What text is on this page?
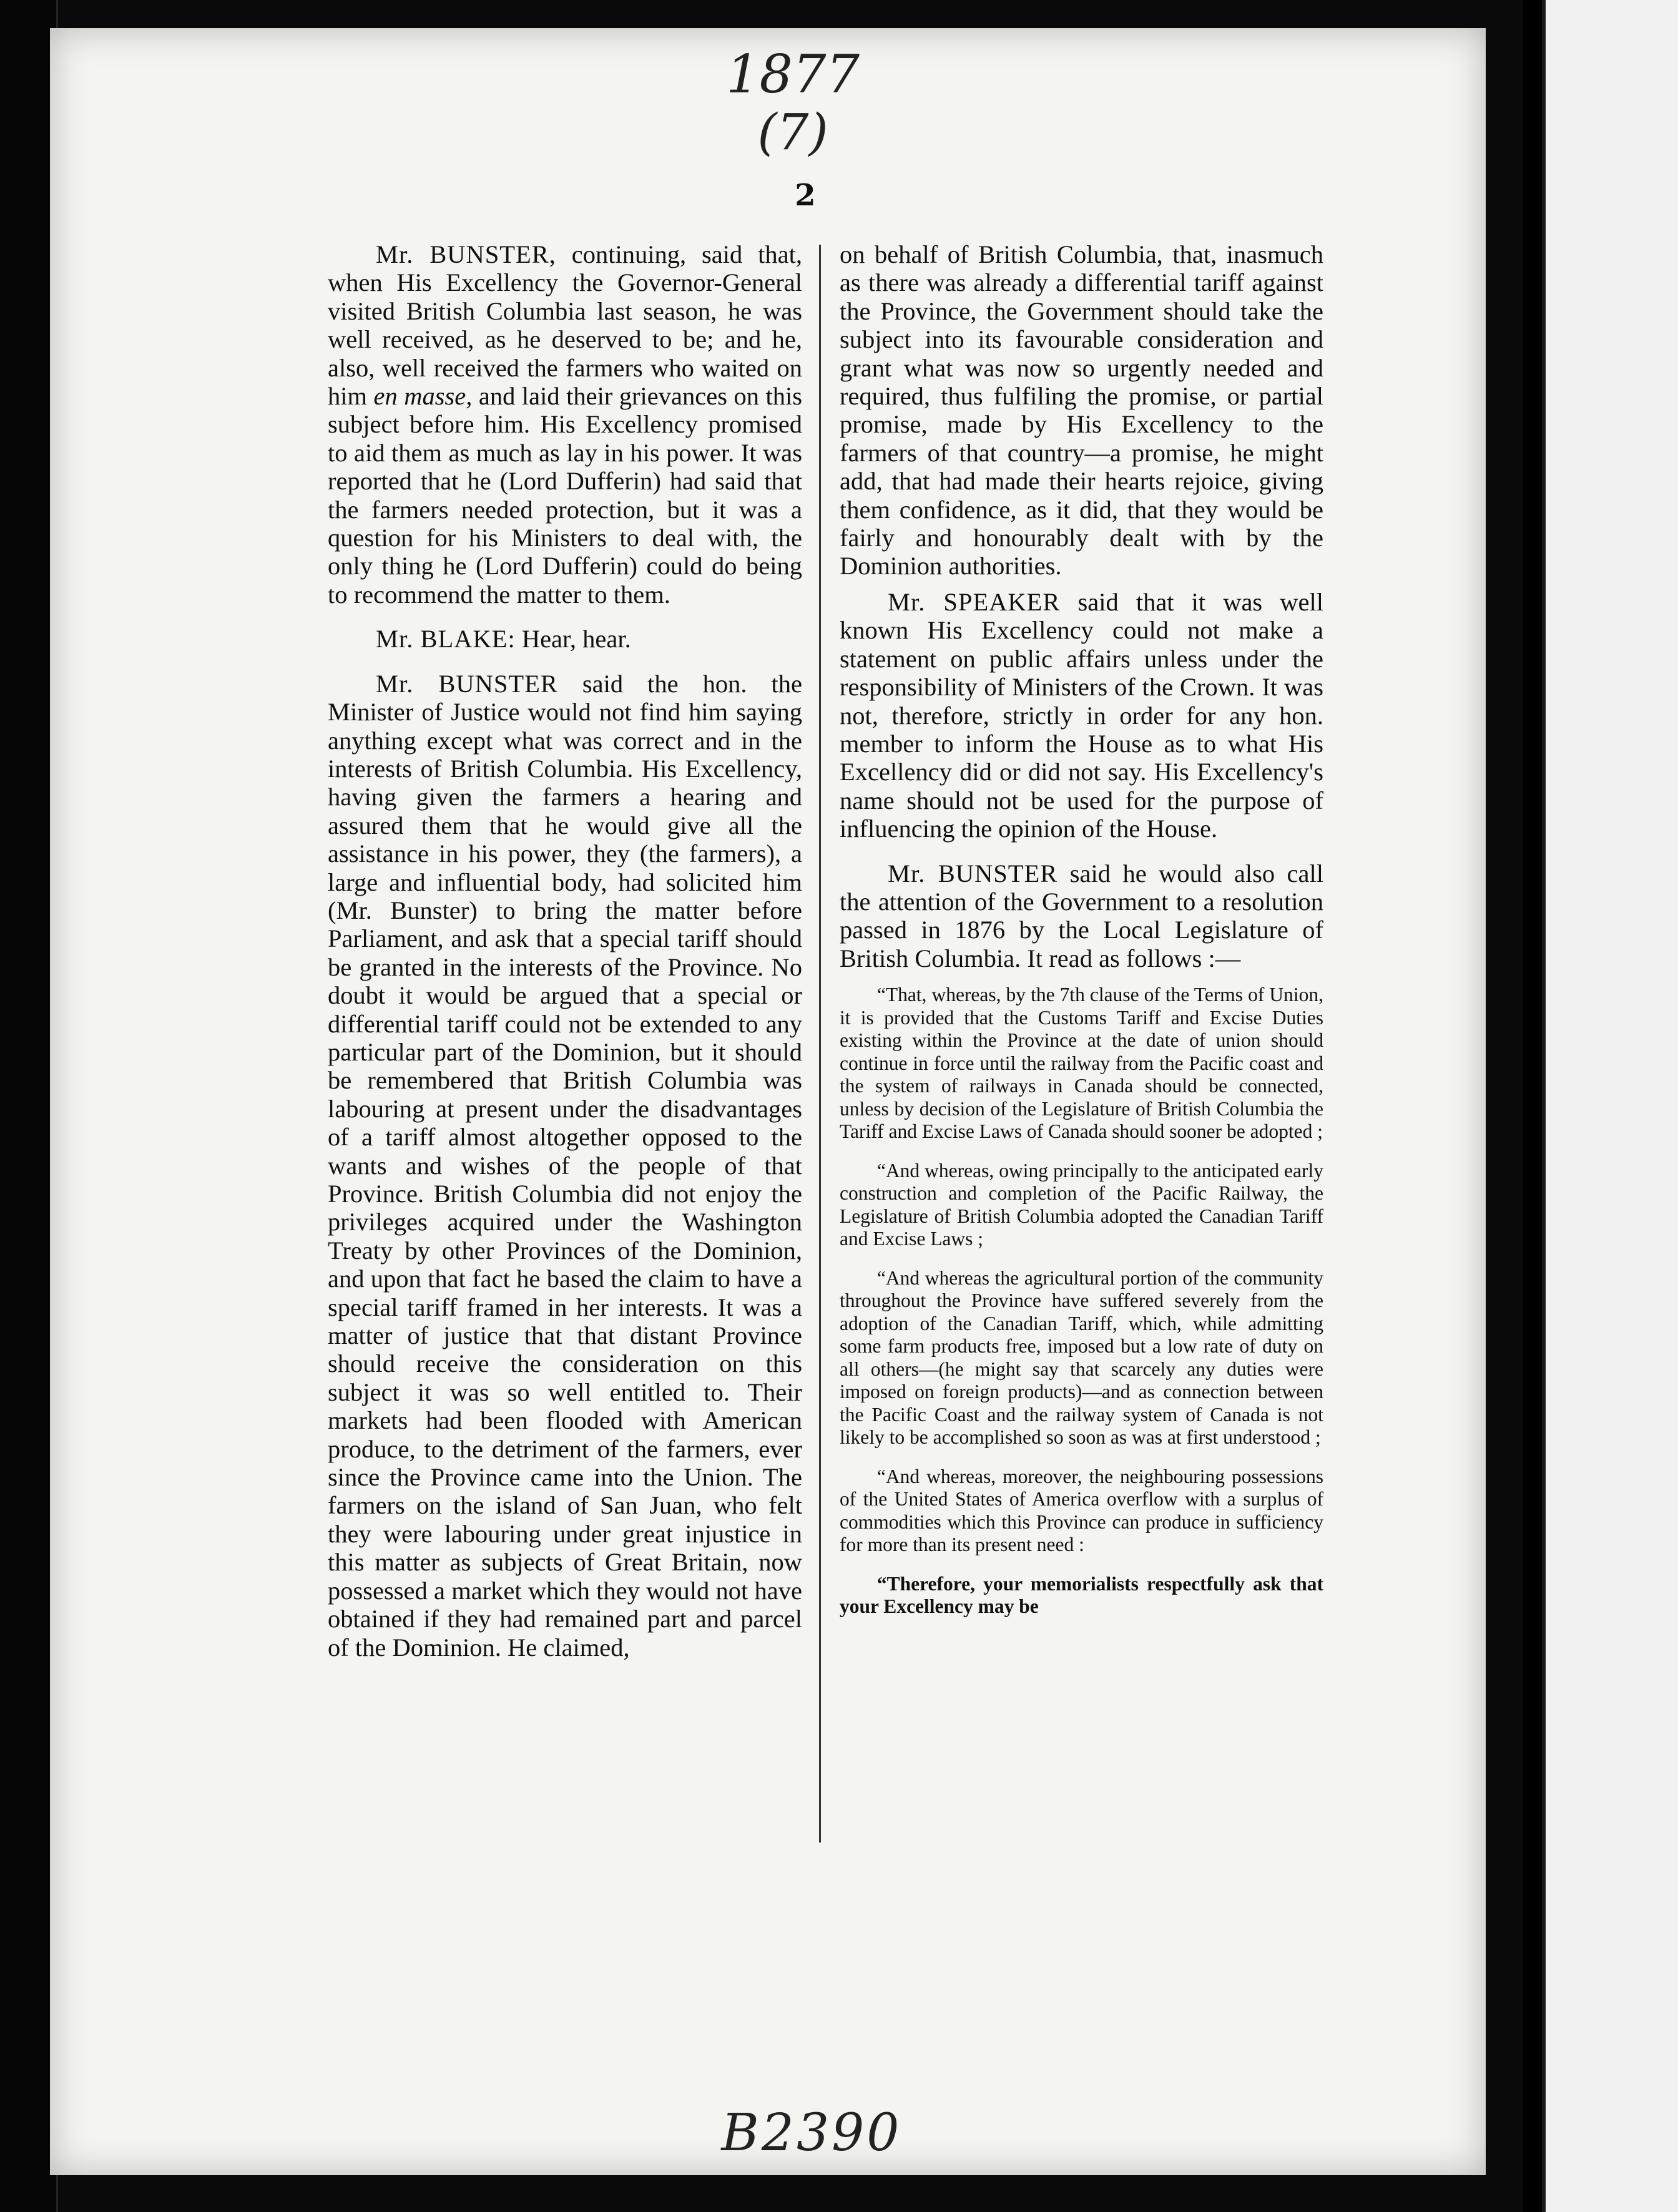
1877
(7)
2

Mr. BUNSTER, continuing, said that, when His Excellency the Governor-General visited British Columbia last season, he was well received, as he deserved to be; and he, also, well received the farmers who waited on him en masse, and laid their grievances on this subject before him. His Excellency promised to aid them as much as lay in his power. It was reported that he (Lord Dufferin) had said that the farmers needed protection, but it was a question for his Ministers to deal with, the only thing he (Lord Dufferin) could do being to recommend the matter to them.

Mr. BLAKE: Hear, hear.

Mr. BUNSTER said the hon. the Minister of Justice would not find him saying anything except what was correct and in the interests of British Columbia. His Excellency, having given the farmers a hearing and assured them that he would give all the assistance in his power, they (the farmers), a large and influential body, had solicited him (Mr. Bunster) to bring the matter before Parliament, and ask that a special tariff should be granted in the interests of the Province. No doubt it would be argued that a special or differential tariff could not be extended to any particular part of the Dominion, but it should be remembered that British Columbia was labouring at present under the disadvantages of a tariff almost altogether opposed to the wants and wishes of the people of that Province. British Columbia did not enjoy the privileges acquired under the Washington Treaty by other Provinces of the Dominion, and upon that fact he based the claim to have a special tariff framed in her interests. It was a matter of justice that that distant Province should receive the consideration on this subject it was so well entitled to. Their markets had been flooded with American produce, to the detriment of the farmers, ever since the Province came into the Union. The farmers on the island of San Juan, who felt they were labouring under great injustice in this matter as subjects of Great Britain, now possessed a market which they would not have obtained if they had remained part and parcel of the Dominion. He claimed,

on behalf of British Columbia, that, inasmuch as there was already a differential tariff against the Province, the Government should take the subject into its favourable consideration and grant what was now so urgently needed and required, thus fulfiling the promise, or partial promise, made by His Excellency to the farmers of that country—a promise, he might add, that had made their hearts rejoice, giving them confidence, as it did, that they would be fairly and honourably dealt with by the Dominion authorities.

Mr. SPEAKER said that it was well known His Excellency could not make a statement on public affairs unless under the responsibility of Ministers of the Crown. It was not, therefore, strictly in order for any hon. member to inform the House as to what His Excellency did or did not say. His Excellency's name should not be used for the purpose of influencing the opinion of the House.

Mr. BUNSTER said he would also call the attention of the Government to a resolution passed in 1876 by the Local Legislature of British Columbia. It read as follows :—

“That, whereas, by the 7th clause of the Terms of Union, it is provided that the Customs Tariff and Excise Duties existing within the Province at the date of union should continue in force until the railway from the Pacific coast and the system of railways in Canada should be connected, unless by decision of the Legislature of British Columbia the Tariff and Excise Laws of Canada should sooner be adopted ;

“And whereas, owing principally to the anticipated early construction and completion of the Pacific Railway, the Legislature of British Columbia adopted the Canadian Tariff and Excise Laws ;

“And whereas the agricultural portion of the community throughout the Province have suffered severely from the adoption of the Canadian Tariff, which, while admitting some farm products free, imposed but a low rate of duty on all others—(he might say that scarcely any duties were imposed on foreign products)—and as connection between the Pacific Coast and the railway system of Canada is not likely to be accomplished so soon as was at first understood ;

“And whereas, moreover, the neighbouring possessions of the United States of America overflow with a surplus of commodities which this Province can produce in sufficiency for more than its present need :

“Therefore, your memorialists respectfully ask that your Excellency may be

B2390
